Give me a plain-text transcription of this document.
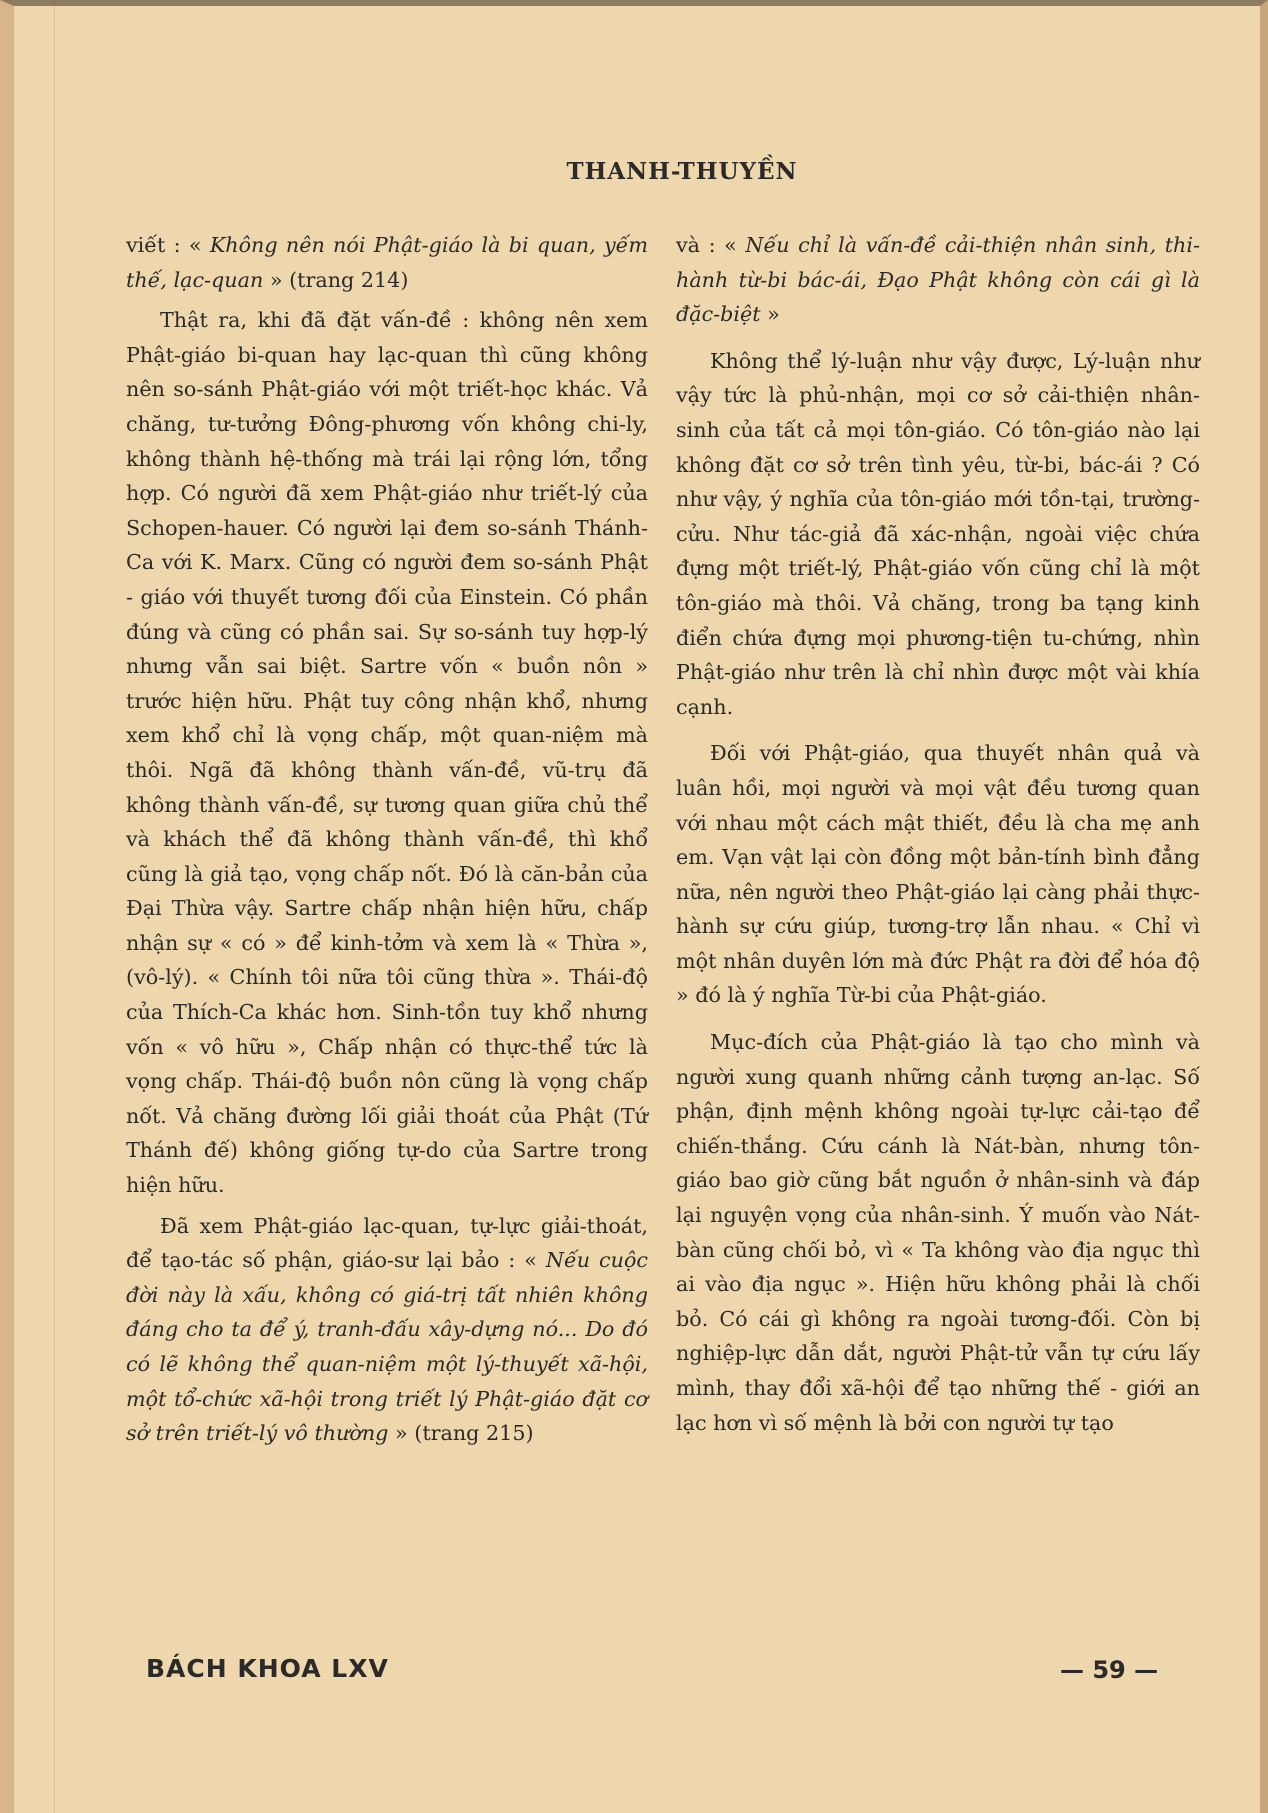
THANH-THUYỀN

viết : « Không nên nói Phật-giáo là bi quan, yếm thế, lạc-quan » (trang 214)

Thật ra, khi đã đặt vấn-đề : không nên xem Phật-giáo bi-quan hay lạc-quan thì cũng không nên so-sánh Phật-giáo với một triết-học khác. Vả chăng, tư-tưởng Đông-phương vốn không chi-ly, không thành hệ-thống mà trái lại rộng lớn, tổng hợp. Có người đã xem Phật-giáo như triết-lý của Schopen-hauer. Có người lại đem so-sánh Thánh-Ca với K. Marx. Cũng có người đem so-sánh Phật - giáo với thuyết tương đối của Einstein. Có phần đúng và cũng có phần sai. Sự so-sánh tuy hợp-lý nhưng vẫn sai biệt. Sartre vốn « buồn nôn » trước hiện hữu. Phật tuy công nhận khổ, nhưng xem khổ chỉ là vọng chấp, một quan-niệm mà thôi. Ngã đã không thành vấn-đề, vũ-trụ đã không thành vấn-đề, sự tương quan giữa chủ thể và khách thể đã không thành vấn-đề, thì khổ cũng là giả tạo, vọng chấp nốt. Đó là căn-bản của Đại Thừa vậy. Sartre chấp nhận hiện hữu, chấp nhận sự « có » để kinh-tởm và xem là « Thừa », (vô-lý). « Chính tôi nữa tôi cũng thừa ». Thái-độ của Thích-Ca khác hơn. Sinh-tồn tuy khổ nhưng vốn « vô hữu », Chấp nhận có thực-thể tức là vọng chấp. Thái-độ buồn nôn cũng là vọng chấp nốt. Vả chăng đường lối giải thoát của Phật (Tứ Thánh đế) không giống tự-do của Sartre trong hiện hữu.

Đã xem Phật-giáo lạc-quan, tự-lực giải-thoát, để tạo-tác số phận, giáo-sư lại bảo : « Nếu cuộc đời này là xấu, không có giá-trị tất nhiên không đáng cho ta để ý, tranh-đấu xây-dựng nó... Do đó có lẽ không thể quan-niệm một lý-thuyết xã-hội, một tổ-chức xã-hội trong triết lý Phật-giáo đặt cơ sở trên triết-lý vô thường » (trang 215)

và : « Nếu chỉ là vấn-đề cải-thiện nhân sinh, thi-hành từ-bi bác-ái, Đạo Phật không còn cái gì là đặc-biệt »

Không thể lý-luận như vậy được, Lý-luận như vậy tức là phủ-nhận, mọi cơ sở cải-thiện nhân-sinh của tất cả mọi tôn-giáo. Có tôn-giáo nào lại không đặt cơ sở trên tình yêu, từ-bi, bác-ái ? Có như vậy, ý nghĩa của tôn-giáo mới tồn-tại, trường-cửu. Như tác-giả đã xác-nhận, ngoài việc chứa đựng một triết-lý, Phật-giáo vốn cũng chỉ là một tôn-giáo mà thôi. Vả chăng, trong ba tạng kinh điển chứa đựng mọi phương-tiện tu-chứng, nhìn Phật-giáo như trên là chỉ nhìn được một vài khía cạnh.

Đối với Phật-giáo, qua thuyết nhân quả và luân hồi, mọi người và mọi vật đều tương quan với nhau một cách mật thiết, đều là cha mẹ anh em. Vạn vật lại còn đồng một bản-tính bình đẳng nữa, nên người theo Phật-giáo lại càng phải thực-hành sự cứu giúp, tương-trợ lẫn nhau. « Chỉ vì một nhân duyên lớn mà đức Phật ra đời để hóa độ » đó là ý nghĩa Từ-bi của Phật-giáo.

Mục-đích của Phật-giáo là tạo cho mình và người xung quanh những cảnh tượng an-lạc. Số phận, định mệnh không ngoài tự-lực cải-tạo để chiến-thắng. Cứu cánh là Nát-bàn, nhưng tôn-giáo bao giờ cũng bắt nguồn ở nhân-sinh và đáp lại nguyện vọng của nhân-sinh. Ý muốn vào Nát-bàn cũng chối bỏ, vì « Ta không vào địa ngục thì ai vào địa ngục ». Hiện hữu không phải là chối bỏ. Có cái gì không ra ngoài tương-đối. Còn bị nghiệp-lực dẫn dắt, người Phật-tử vẫn tự cứu lấy mình, thay đổi xã-hội để tạo những thế - giới an lạc hơn vì số mệnh là bởi con người tự tạo

BÁCH KHOA LXV	— 59 —
